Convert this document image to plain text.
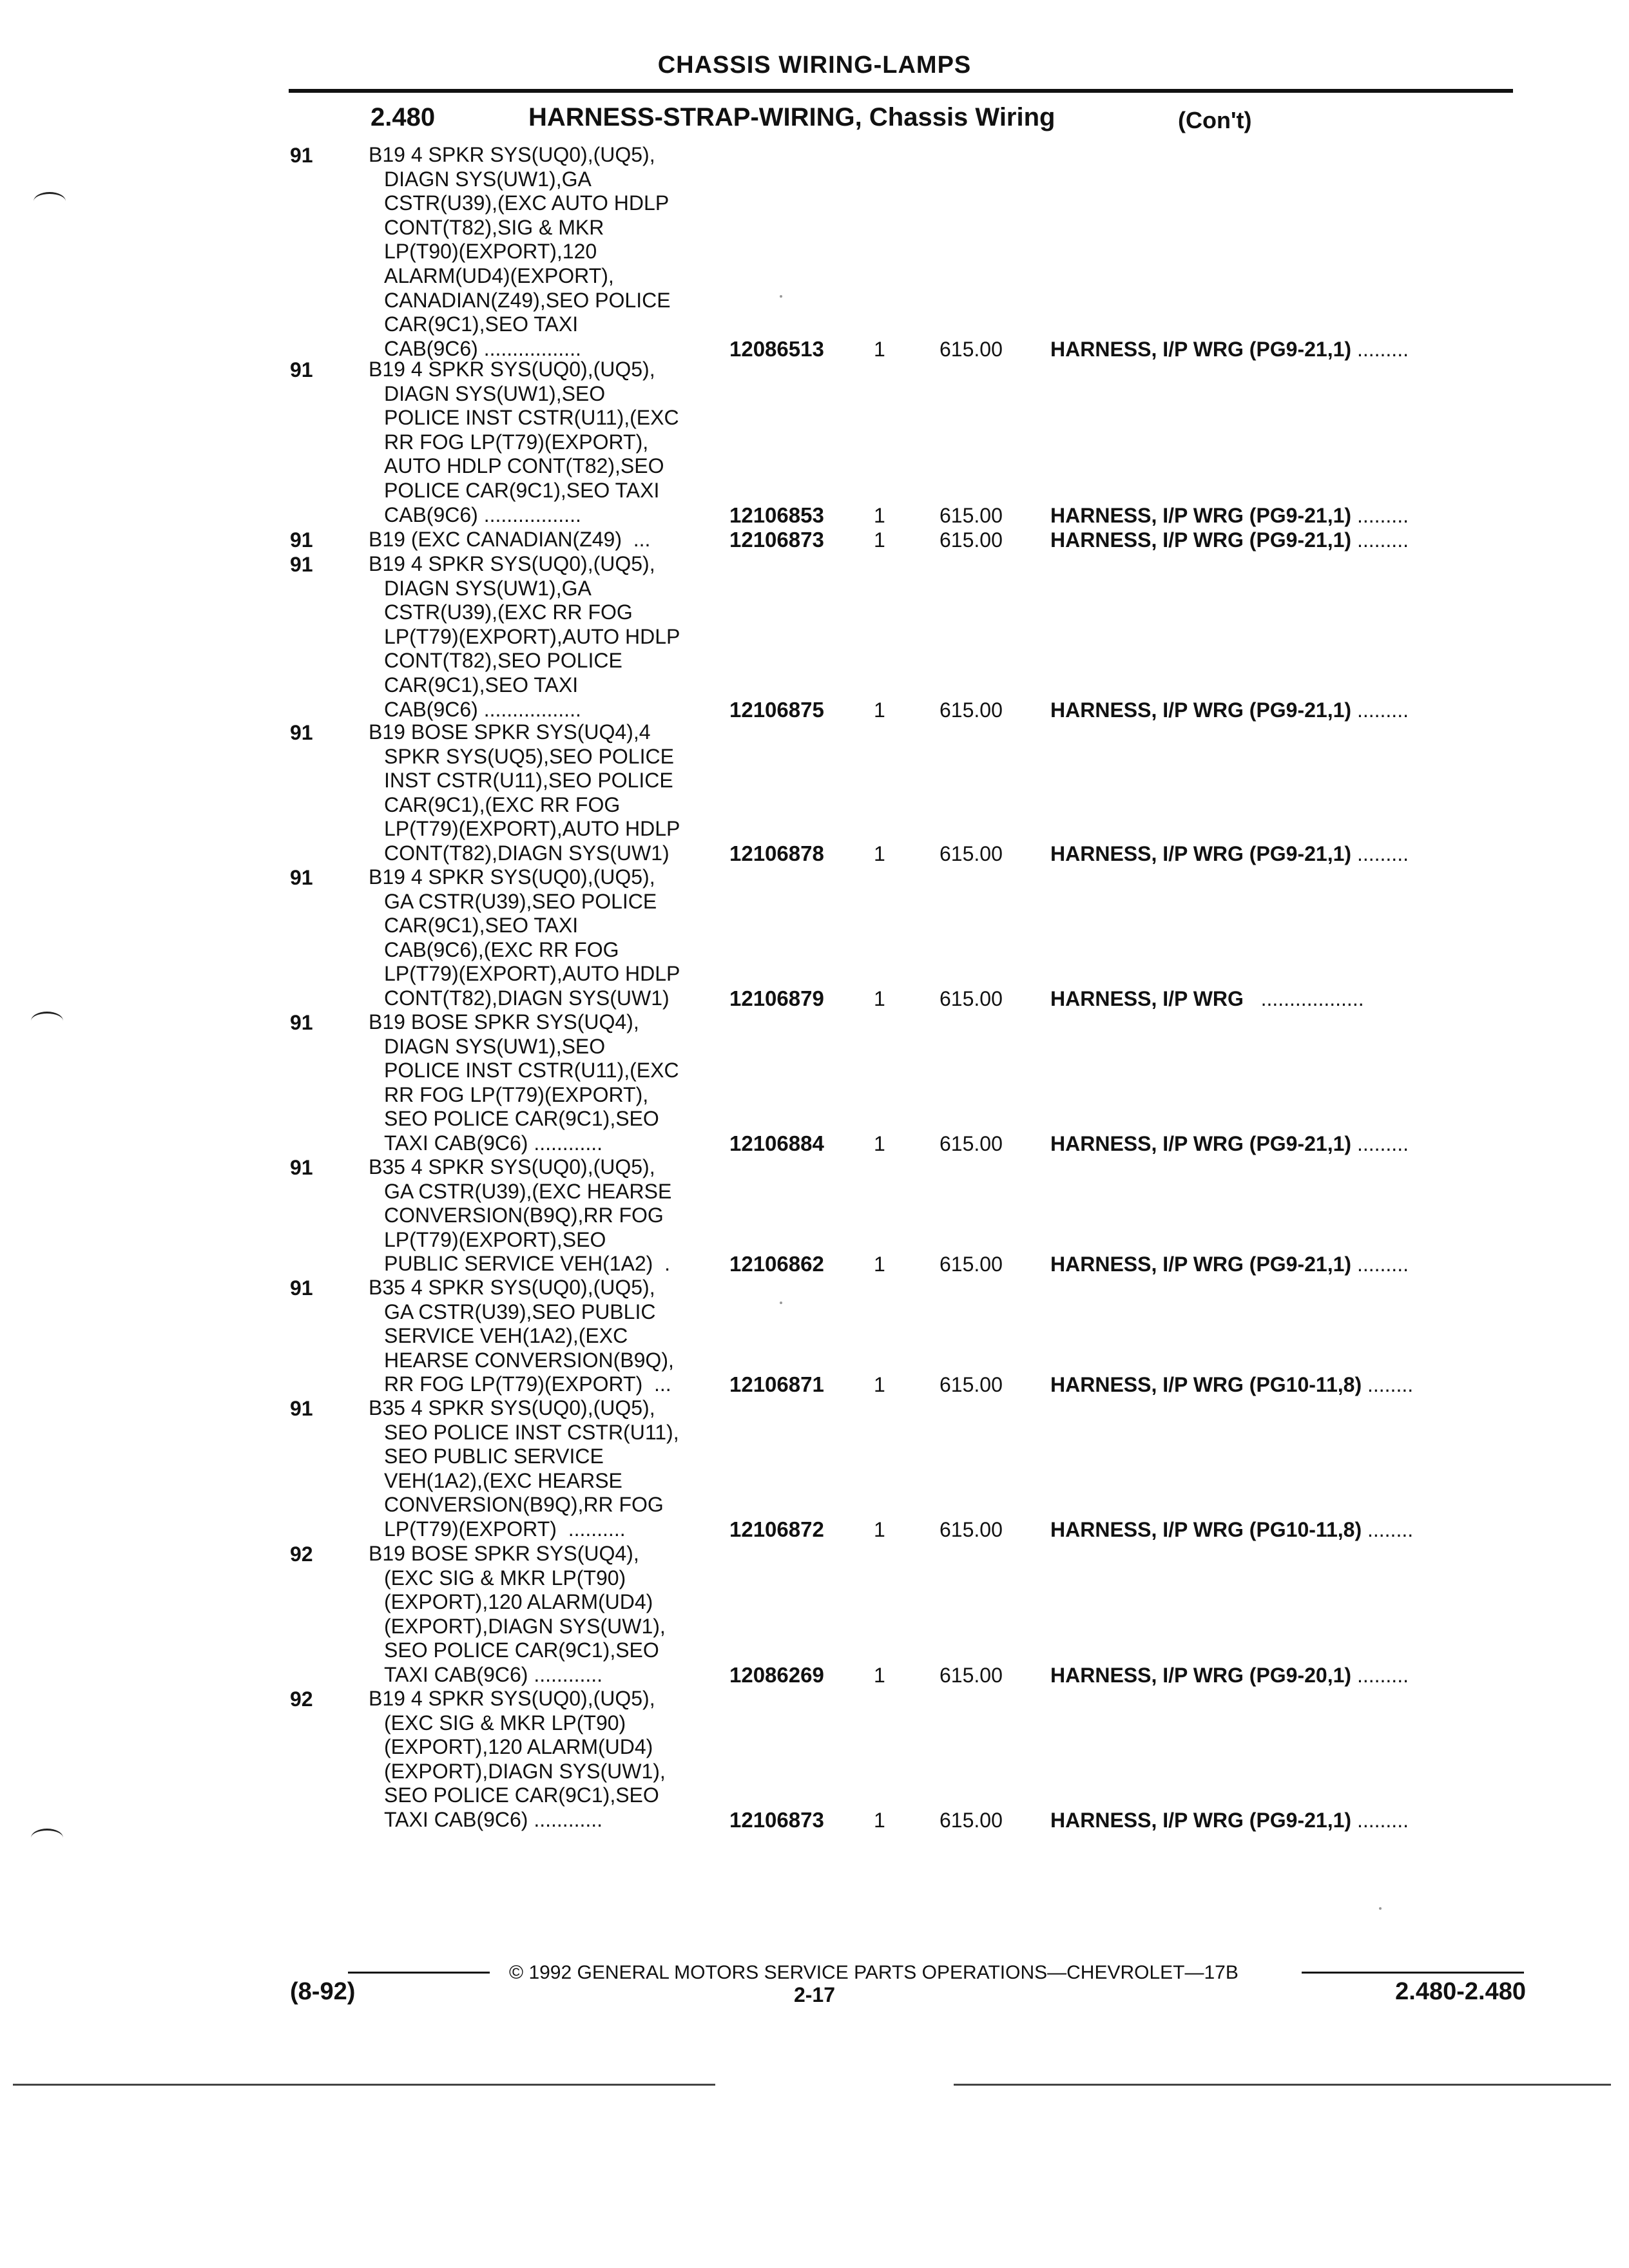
CHASSIS WIRING-LAMPS
2.480	HARNESS-STRAP-WIRING, Chassis Wiring	(Con't)
91	B19 4 SPKR SYS(UQ0),(UQ5),
DIAGN SYS(UW1),GA
CSTR(U39),(EXC AUTO HDLP
CONT(T82),SIG & MKR
LP(T90)(EXPORT),120
ALARM(UD4)(EXPORT),
CANADIAN(Z49),SEO POLICE
CAR(9C1),SEO TAXI
CAB(9C6) .................	12086513 1	615.00 HARNESS, I/P WRG (PG9-21,1) .........
91	B19 4 SPKR SYS(UQ0),(UQ5),
DIAGN SYS(UW1),SEO
POLICE INST CSTR(U11),(EXC
RR FOG LP(T79)(EXPORT),
AUTO HDLP CONT(T82),SEO
POLICE CAR(9C1),SEO TAXI
CAB(9C6) .................	12106853 1	615.00 HARNESS, I/P WRG (PG9-21,1) .........
91	B19 (EXC CANADIAN(Z49)  ...	12106873 1	615.00 HARNESS, I/P WRG (PG9-21,1) .........
91	B19 4 SPKR SYS(UQ0),(UQ5),
DIAGN SYS(UW1),GA
CSTR(U39),(EXC RR FOG
LP(T79)(EXPORT),AUTO HDLP
CONT(T82),SEO POLICE
CAR(9C1),SEO TAXI
CAB(9C6) .................	12106875 1	615.00 HARNESS, I/P WRG (PG9-21,1) .........
91	B19 BOSE SPKR SYS(UQ4),4
SPKR SYS(UQ5),SEO POLICE
INST CSTR(U11),SEO POLICE
CAR(9C1),(EXC RR FOG
LP(T79)(EXPORT),AUTO HDLP
CONT(T82),DIAGN SYS(UW1)	12106878 1	615.00 HARNESS, I/P WRG (PG9-21,1) .........
91	B19 4 SPKR SYS(UQ0),(UQ5),
GA CSTR(U39),SEO POLICE
CAR(9C1),SEO TAXI
CAB(9C6),(EXC RR FOG
LP(T79)(EXPORT),AUTO HDLP
CONT(T82),DIAGN SYS(UW1)	12106879 1	615.00 HARNESS, I/P WRG   ..................
91	B19 BOSE SPKR SYS(UQ4),
DIAGN SYS(UW1),SEO
POLICE INST CSTR(U11),(EXC
RR FOG LP(T79)(EXPORT),
SEO POLICE CAR(9C1),SEO
TAXI CAB(9C6) ............	12106884 1	615.00 HARNESS, I/P WRG (PG9-21,1) .........
91	B35 4 SPKR SYS(UQ0),(UQ5),
GA CSTR(U39),(EXC HEARSE
CONVERSION(B9Q),RR FOG
LP(T79)(EXPORT),SEO
PUBLIC SERVICE VEH(1A2)  .	12106862 1	615.00 HARNESS, I/P WRG (PG9-21,1) .........
91	B35 4 SPKR SYS(UQ0),(UQ5),
GA CSTR(U39),SEO PUBLIC
SERVICE VEH(1A2),(EXC
HEARSE CONVERSION(B9Q),
RR FOG LP(T79)(EXPORT)  ...	12106871 1	615.00 HARNESS, I/P WRG (PG10-11,8) ........
91	B35 4 SPKR SYS(UQ0),(UQ5),
SEO POLICE INST CSTR(U11),
SEO PUBLIC SERVICE
VEH(1A2),(EXC HEARSE
CONVERSION(B9Q),RR FOG
LP(T79)(EXPORT)  ..........	12106872 1	615.00 HARNESS, I/P WRG (PG10-11,8) ........
92	B19 BOSE SPKR SYS(UQ4),
(EXC SIG & MKR LP(T90)
(EXPORT),120 ALARM(UD4)
(EXPORT),DIAGN SYS(UW1),
SEO POLICE CAR(9C1),SEO
TAXI CAB(9C6) ............	12086269 1	615.00 HARNESS, I/P WRG (PG9-20,1) .........
92	B19 4 SPKR SYS(UQ0),(UQ5),
(EXC SIG & MKR LP(T90)
(EXPORT),120 ALARM(UD4)
(EXPORT),DIAGN SYS(UW1),
SEO POLICE CAR(9C1),SEO
TAXI CAB(9C6) ............	12106873 1	615.00 HARNESS, I/P WRG (PG9-21,1) .........
© 1992 GENERAL MOTORS SERVICE PARTS OPERATIONS—CHEVROLET—17B
(8-92)	2-17	2.480-2.480
